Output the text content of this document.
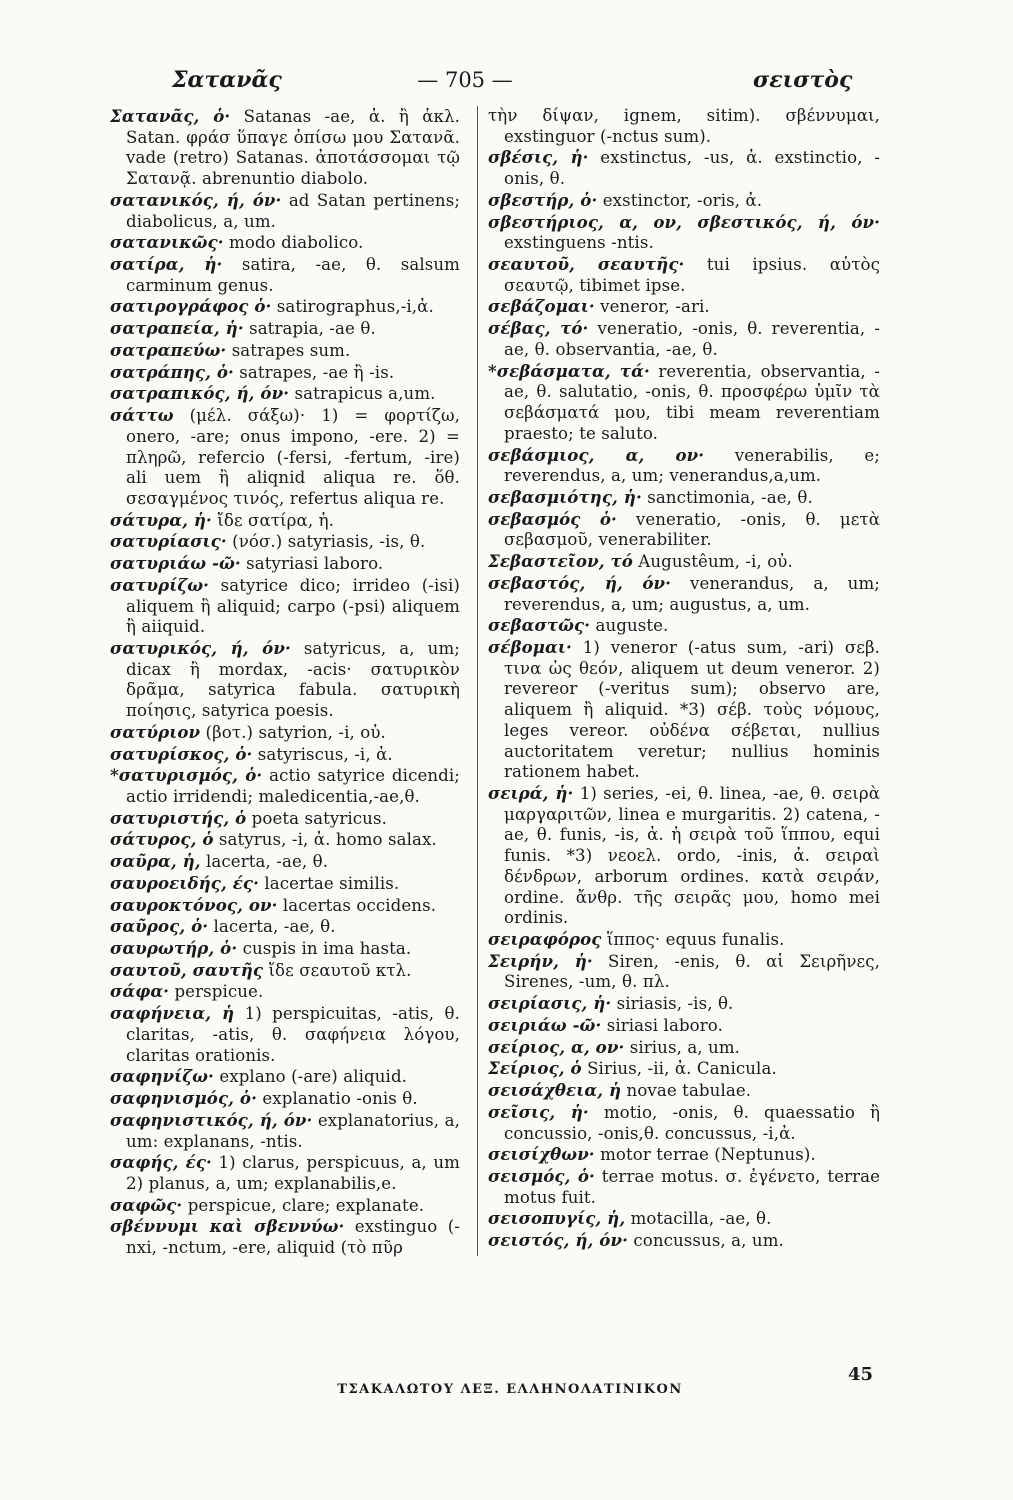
Σατανᾶς	— 705 —	σειστὸς

Σατανᾶς, ὁ· Satanas -ae, ἀ. ἢ ἀκλ. Satan. φράσ ὕπαγε ὀπίσω μου Σατανᾶ. vade (retro) Satanas. ἀποτάσσομαι τῷ Σατανᾷ. abrenuntio diabolo.

σατανικός, ή, όν· ad Satan pertinens; diabolicus, a, um.

σατανικῶς· modo diabolico.

σατίρα, ἡ· satira, -ae, θ. salsum carminum genus.

σατιρογράφος ὁ· satirographus,-i,ἀ.

σατραπεία, ἡ· satrapia, -ae θ.

σατραπεύω· satrapes sum.

σατράπης, ὁ· satrapes, -ae ἢ -is.

σατραπικός, ή, όν· satrapicus a,um.

σάττω (μέλ. σάξω)· 1) = φορτίζω, onero, -are; onus impono, -ere. 2) = πληρῶ, refercio (-fersi, -fertum, -ire) ali uem ἢ aliqnid aliqua re. ὅθ. σεσαγμένος τινός, refertus aliqua re.

σάτυρα, ἡ· ἴδε σατίρα, ἡ.

σατυρίασις· (νόσ.) satyriasis, -is, θ.

σατυριάω -ῶ· satyriasi laboro.

σατυρίζω· satyrice dico; irrideo (-isi) aliquem ἢ aliquid; carpo (-psi) aliquem ἢ aiiquid.

σατυρικός, ή, όν· satyricus, a, um; dicax ἢ mordax, -acis· σατυρικὸν δρᾶμα, satyrica fabula. σατυρικὴ ποίησις, satyrica poesis.

σατύριον (βοτ.) satyrion, -i, οὐ.

σατυρίσκος, ὁ· satyriscus, -i, ἀ.

*σατυρισμός, ὁ· actio satyrice dicendi; actio irridendi; maledicentia,-ae,θ.

σατυριστής, ὁ poeta satyricus.

σάτυρος, ὁ satyrus, -i, ἀ. homo salax.

σαῦρα, ἡ, lacerta, -ae, θ.

σαυροειδής, ές· lacertae similis.

σαυροκτόνος, ον· lacertas occidens.

σαῦρος, ὁ· lacerta, -ae, θ.

σαυρωτήρ, ὁ· cuspis in ima hasta.

σαυτοῦ, σαυτῆς ἴδε σεαυτοῦ κτλ.

σάφα· perspicue.

σαφήνεια, ἡ 1) perspicuitas, -atis, θ. claritas, -atis, θ. σαφήνεια λόγου, claritas orationis.

σαφηνίζω· explano (-are) aliquid.

σαφηνισμός, ὁ· explanatio -onis θ.

σαφηνιστικός, ή, όν· explanatorius, a, um: explanans, -ntis.

σαφής, ές· 1) clarus, perspicuus, a, um 2) planus, a, um; explanabilis,e.

σαφῶς· perspicue, clare; explanate.

σβέννυμι καὶ σβεννύω· exstinguo (-nxi, -nctum, -ere, aliquid (τὸ πῦρ

τὴν δίψαν, ignem, sitim). σβέννυμαι, exstinguor (-nctus sum).

σβέσις, ἡ· exstinctus, -us, ἀ. exstinctio, -onis, θ.

σβεστήρ, ὁ· exstinctor, -oris, ἀ.

σβεστήριος, α, ον, σβεστικός, ή, όν· exstinguens -ntis.

σεαυτοῦ, σεαυτῆς· tui ipsius. αὐτὸς σεαυτῷ, tibimet ipse.

σεβάζομαι· veneror, -ari.

σέβας, τό· veneratio, -onis, θ. reverentia, -ae, θ. observantia, -ae, θ.

*σεβάσματα, τά· reverentia, observantia, -ae, θ. salutatio, -onis, θ. προσφέρω ὑμῖν τὰ σεβάσματά μου, tibi meam reverentiam praesto; te saluto.

σεβάσμιος, α, ον· venerabilis, e; reverendus, a, um; venerandus,a,um.

σεβασμιότης, ἡ· sanctimonia, -ae, θ.

σεβασμός ὁ· veneratio, -onis, θ. μετὰ σεβασμοῦ, venerabiliter.

Σεβαστεῖον, τό Augustêum, -i, οὐ.

σεβαστός, ή, όν· venerandus, a, um; reverendus, a, um; augustus, a, um.

σεβαστῶς· auguste.

σέβομαι· 1) veneror (-atus sum, -ari) σεβ. τινα ὡς θεόν, aliquem ut deum veneror. 2) revereor (-veritus sum); observo are, aliquem ἢ aliquid. *3) σέβ. τοὺς νόμους, leges vereor. οὐδένα σέβεται, nullius auctoritatem veretur; nullius hominis rationem habet.

σειρά, ἡ· 1) series, -ei, θ. linea, -ae, θ. σειρὰ μαργαριτῶν, linea e murgaritis. 2) catena, -ae, θ. funis, -is, ἀ. ἡ σειρὰ τοῦ ἵππου, equi funis. *3) νεοελ. ordo, -inis, ἀ. σειραὶ δένδρων, arborum ordines. κατὰ σειράν, ordine. ἄνθρ. τῆς σειρᾶς μου, homo mei ordinis.

σειραφόρος ἵππος· equus funalis.

Σειρήν, ἡ· Siren, -enis, θ. αἱ Σειρῆνες, Sirenes, -um, θ. πλ.

σειρίασις, ἡ· siriasis, -is, θ.

σειριάω -ῶ· siriasi laboro.

σείριος, α, ον· sirius, a, um.

Σείριος, ὁ Sirius, -ii, ἀ. Canicula.

σεισάχθεια, ἡ novae tabulae.

σεῖσις, ἡ· motio, -onis, θ. quaessatio ἢ concussio, -onis,θ. concussus, -i,ἀ.

σεισίχθων· motor terrae (Neptunus).

σεισμός, ὁ· terrae motus. σ. ἐγένετο, terrae motus fuit.

σεισοπυγίς, ἡ, motacilla, -ae, θ.

σειστός, ή, όν· concussus, a, um.

45
ΤΣΑΚΑΛΩΤΟΥ ΛΕΞ. ΕΛΛΗΝΟΛΑΤΙΝΙΚΟΝ
